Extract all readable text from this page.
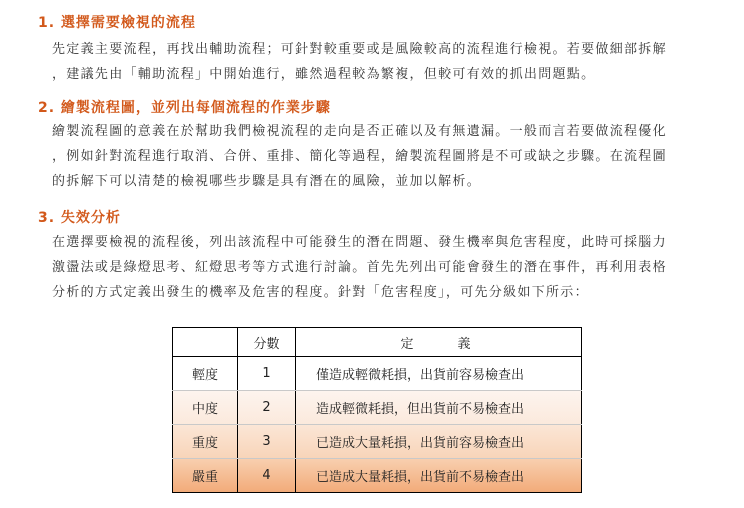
1. 選擇需要檢視的流程
先定義主要流程，再找出輔助流程；可針對較重要或是風險較高的流程進行檢視。若要做細部拆解
，建議先由「輔助流程」中開始進行，雖然過程較為繁複，但較可有效的抓出問題點。
2. 繪製流程圖，並列出每個流程的作業步驟
繪製流程圖的意義在於幫助我們檢視流程的走向是否正確以及有無遺漏。一般而言若要做流程優化
，例如針對流程進行取消、合併、重排、簡化等過程，繪製流程圖將是不可或缺之步驟。在流程圖
的拆解下可以清楚的檢視哪些步驟是具有潛在的風險，並加以解析。
3. 失效分析
在選擇要檢視的流程後，列出該流程中可能發生的潛在問題、發生機率與危害程度，此時可採腦力
激盪法或是綠燈思考、紅燈思考等方式進行討論。首先先列出可能會發生的潛在事件，再利用表格
分析的方式定義出發生的機率及危害的程度。針對「危害程度」，可先分級如下所示：
	分數	定　　義
輕度	1	僅造成輕微耗損，出貨前容易檢查出
中度	2	造成輕微耗損，但出貨前不易檢查出
重度	3	已造成大量耗損，出貨前容易檢查出
嚴重	4	已造成大量耗損，出貨前不易檢查出
